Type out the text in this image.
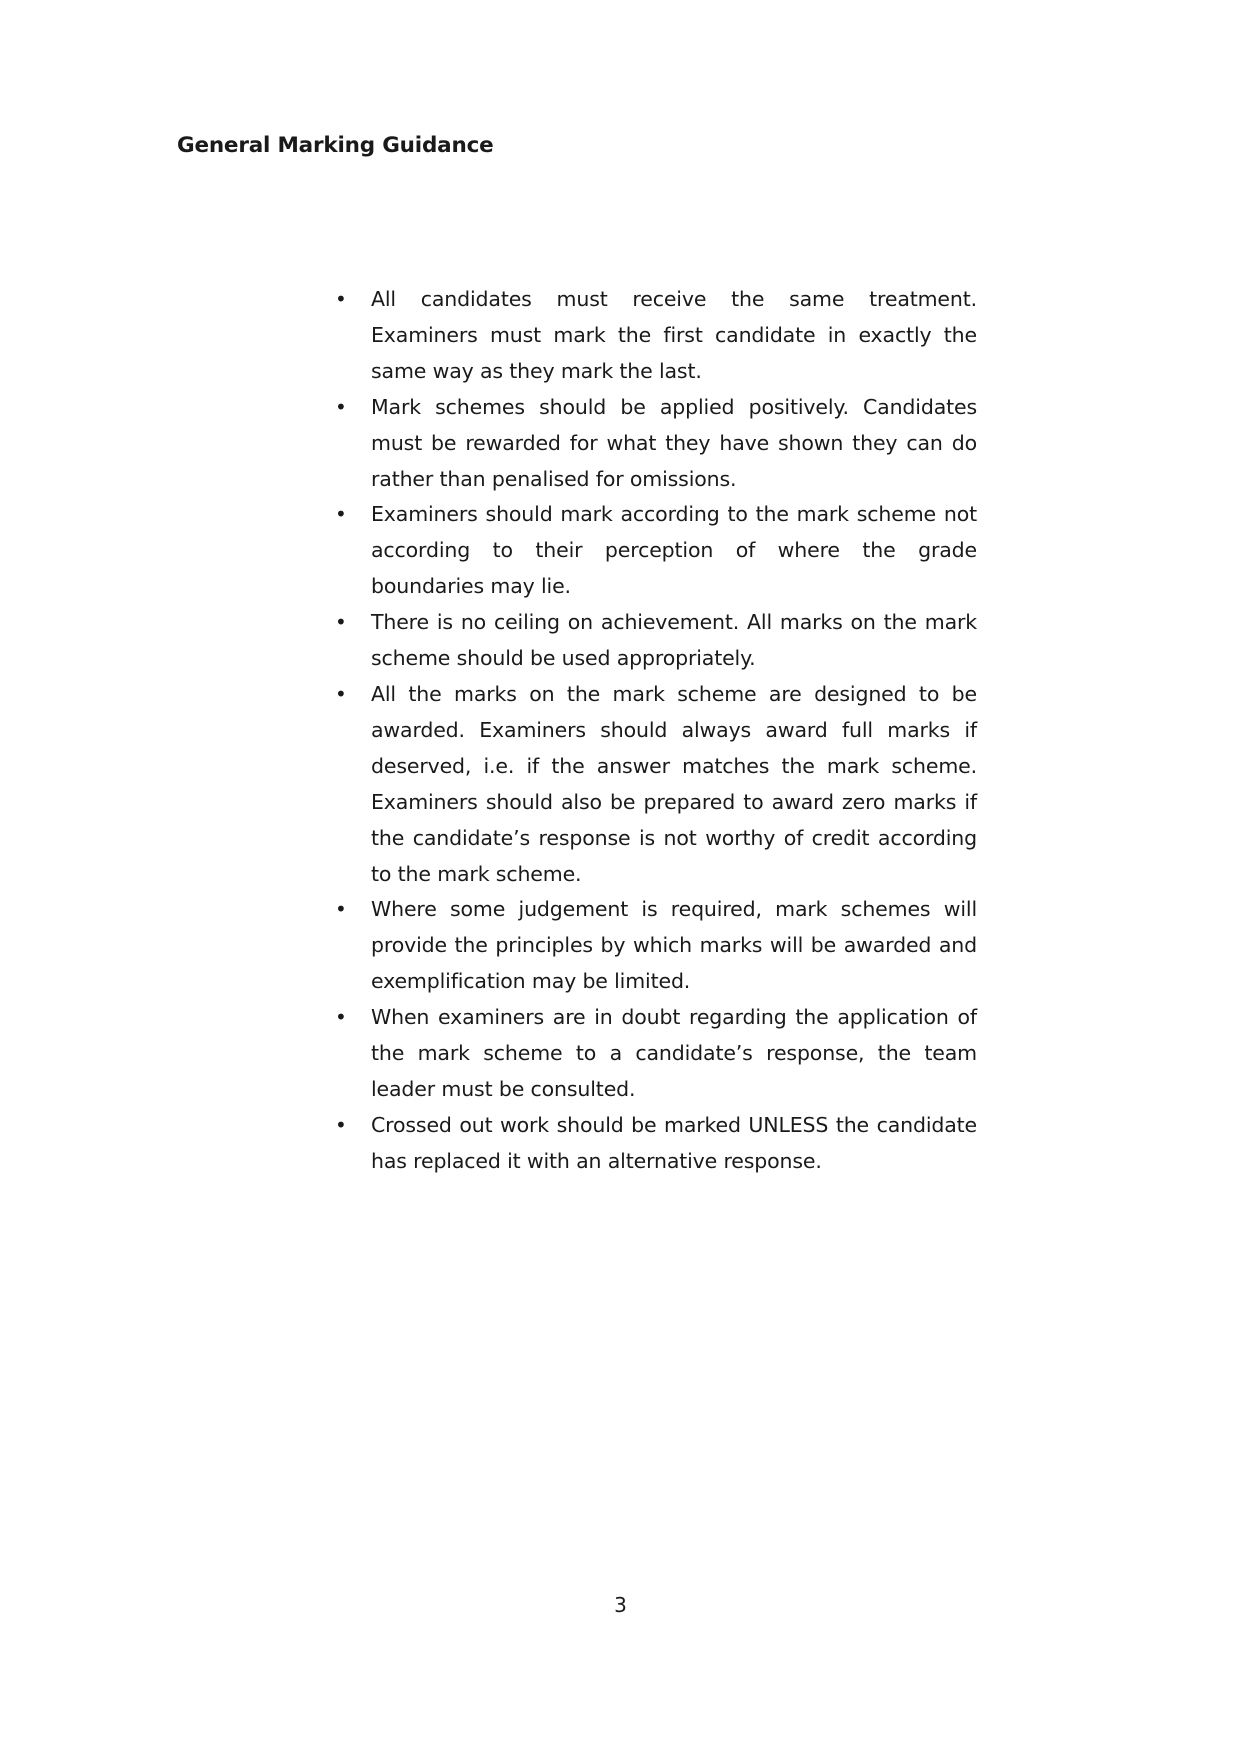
General Marking Guidance
• All candidates must receive the same treatment. Examiners must mark the first candidate in exactly the same way as they mark the last.
• Mark schemes should be applied positively. Candidates must be rewarded for what they have shown they can do rather than penalised for omissions.
• Examiners should mark according to the mark scheme not according to their perception of where the grade boundaries may lie.
• There is no ceiling on achievement. All marks on the mark scheme should be used appropriately.
• All the marks on the mark scheme are designed to be awarded. Examiners should always award full marks if deserved, i.e. if the answer matches the mark scheme. Examiners should also be prepared to award zero marks if the candidate’s response is not worthy of credit according to the mark scheme.
• Where some judgement is required, mark schemes will provide the principles by which marks will be awarded and exemplification may be limited.
• When examiners are in doubt regarding the application of the mark scheme to a candidate’s response, the team leader must be consulted.
• Crossed out work should be marked UNLESS the candidate has replaced it with an alternative response.
3
